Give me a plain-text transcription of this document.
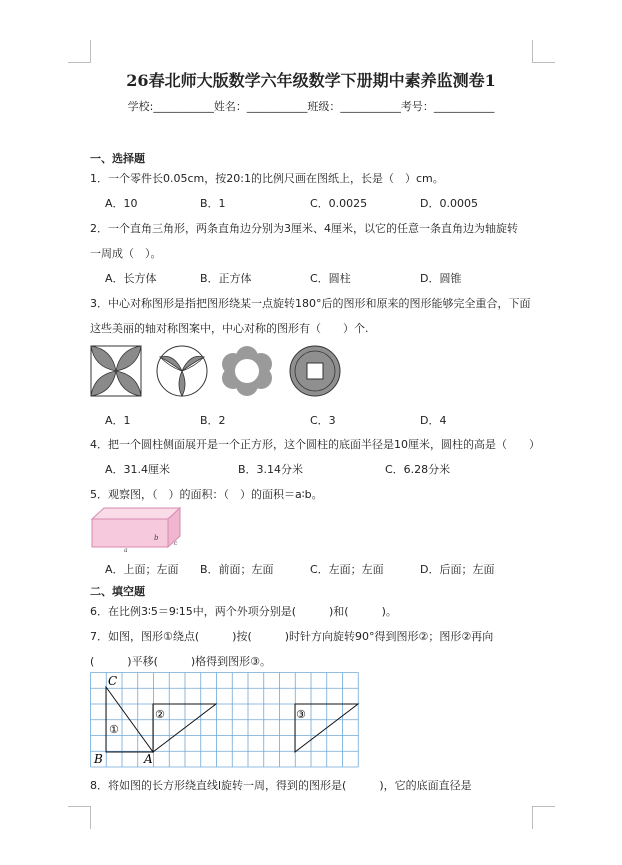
26春北师大版数学六年级数学下册期中素养监测卷1
学校:___________姓名：___________班级：___________考号：___________
一、选择题
1．一个零件长0.05cm，按20:1的比例尺画在图纸上，长是（　）cm。
A．10	B．1	C．0.0025	D．0.0005
2．一个直角三角形，两条直角边分别为3厘米、4厘米，以它的任意一条直角边为轴旋转
一周成（　）。
A．长方体	B．正方体	C．圆柱	D．圆锥
3．中心对称图形是指把图形绕某一点旋转180°后的图形和原来的图形能够完全重合，下面
这些美丽的轴对称图案中，中心对称的图形有（　　）个.
A．1	B．2	C．3	D．4
4．把一个圆柱侧面展开是一个正方形，这个圆柱的底面半径是10厘米，圆柱的高是（　　）
A．31.4厘米	B．3.14分米	C．6.28分米
5．观察图，（　）的面积：（　）的面积＝a∶b。
b
c
a
A．上面；左面 B．前面；左面	C．左面；左面	D．后面；左面
二、填空题
6．在比例3∶5＝9∶15中，两个外项分别是(　　　)和(　　　)。
7．如图，图形①绕点(　　　)按(　　　)时针方向旋转90°得到图形②；图形②再向
(　　　)平移(　　　)格得到图形③。
C
B	A
①
②	③
8．将如图的长方形绕直线l旋转一周，得到的图形是(　　　)，它的底面直径是
